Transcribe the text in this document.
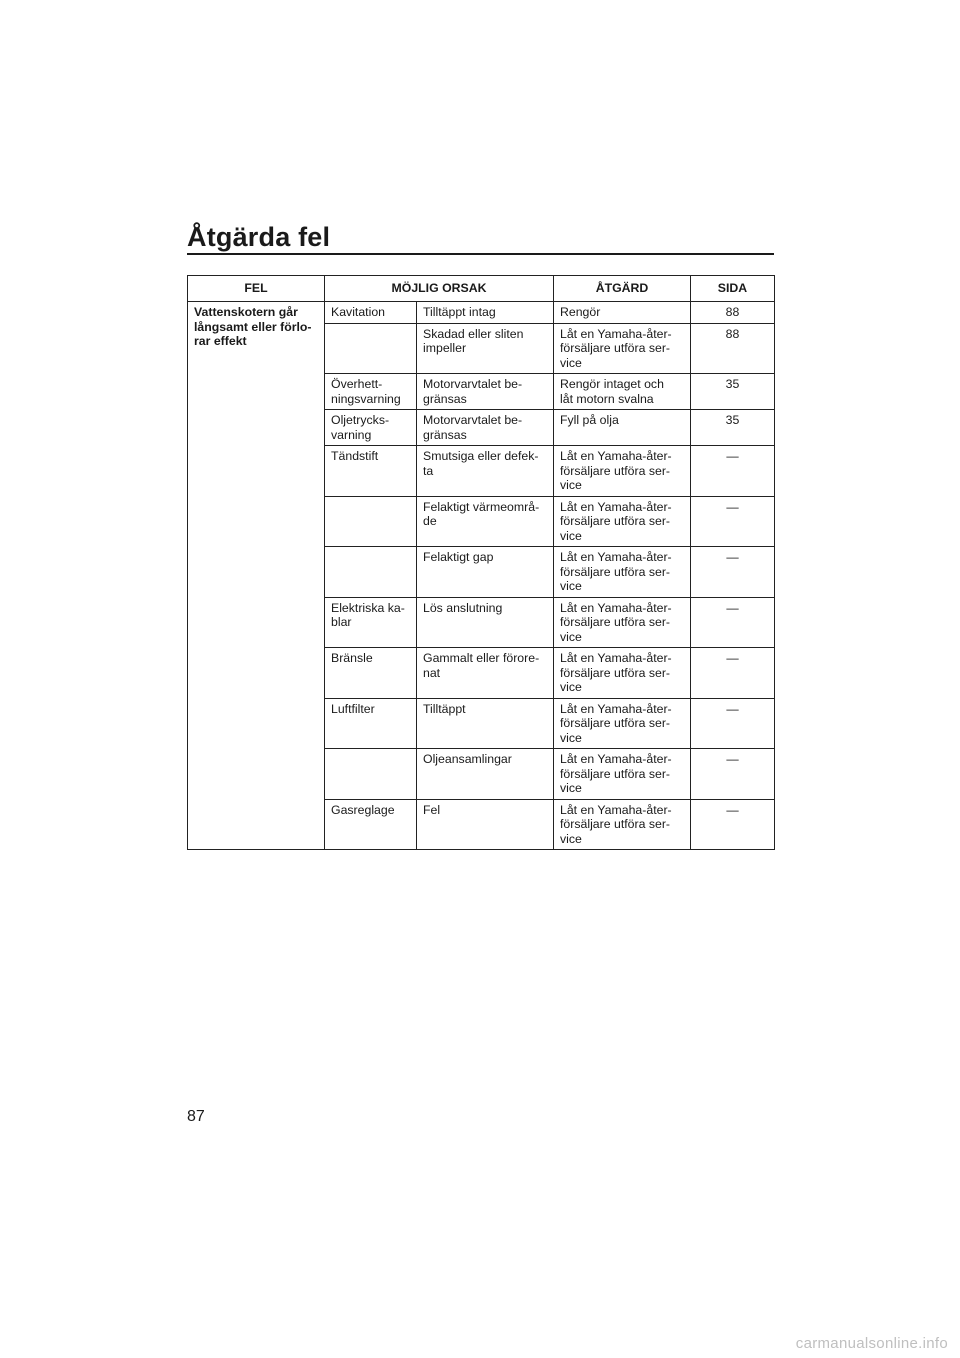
Åtgärda fel
FEL	MÖJLIG ORSAK		ÅTGÄRD	SIDA
Vattenskotern går
långsamt eller förlo-
rar effekt	Kavitation	Tilltäppt intag	Rengör	88
		Skadad eller sliten
impeller	Låt en Yamaha-åter-
försäljare utföra ser-
vice	88
	Överhett-
ningsvarning	Motorvarvtalet be-
gränsas	Rengör intaget och
låt motorn svalna	35
	Oljetrycks-
varning	Motorvarvtalet be-
gränsas	Fyll på olja	35
	Tändstift	Smutsiga eller defek-
ta	Låt en Yamaha-åter-
försäljare utföra ser-
vice	—
		Felaktigt värmeområ-
de	Låt en Yamaha-åter-
försäljare utföra ser-
vice	—
		Felaktigt gap	Låt en Yamaha-åter-
försäljare utföra ser-
vice	—
	Elektriska ka-
blar	Lös anslutning	Låt en Yamaha-åter-
försäljare utföra ser-
vice	—
	Bränsle	Gammalt eller förore-
nat	Låt en Yamaha-åter-
försäljare utföra ser-
vice	—
	Luftfilter	Tilltäppt	Låt en Yamaha-åter-
försäljare utföra ser-
vice	—
		Oljeansamlingar	Låt en Yamaha-åter-
försäljare utföra ser-
vice	—
	Gasreglage	Fel	Låt en Yamaha-åter-
försäljare utföra ser-
vice	—
87
carmanualsonline.info
